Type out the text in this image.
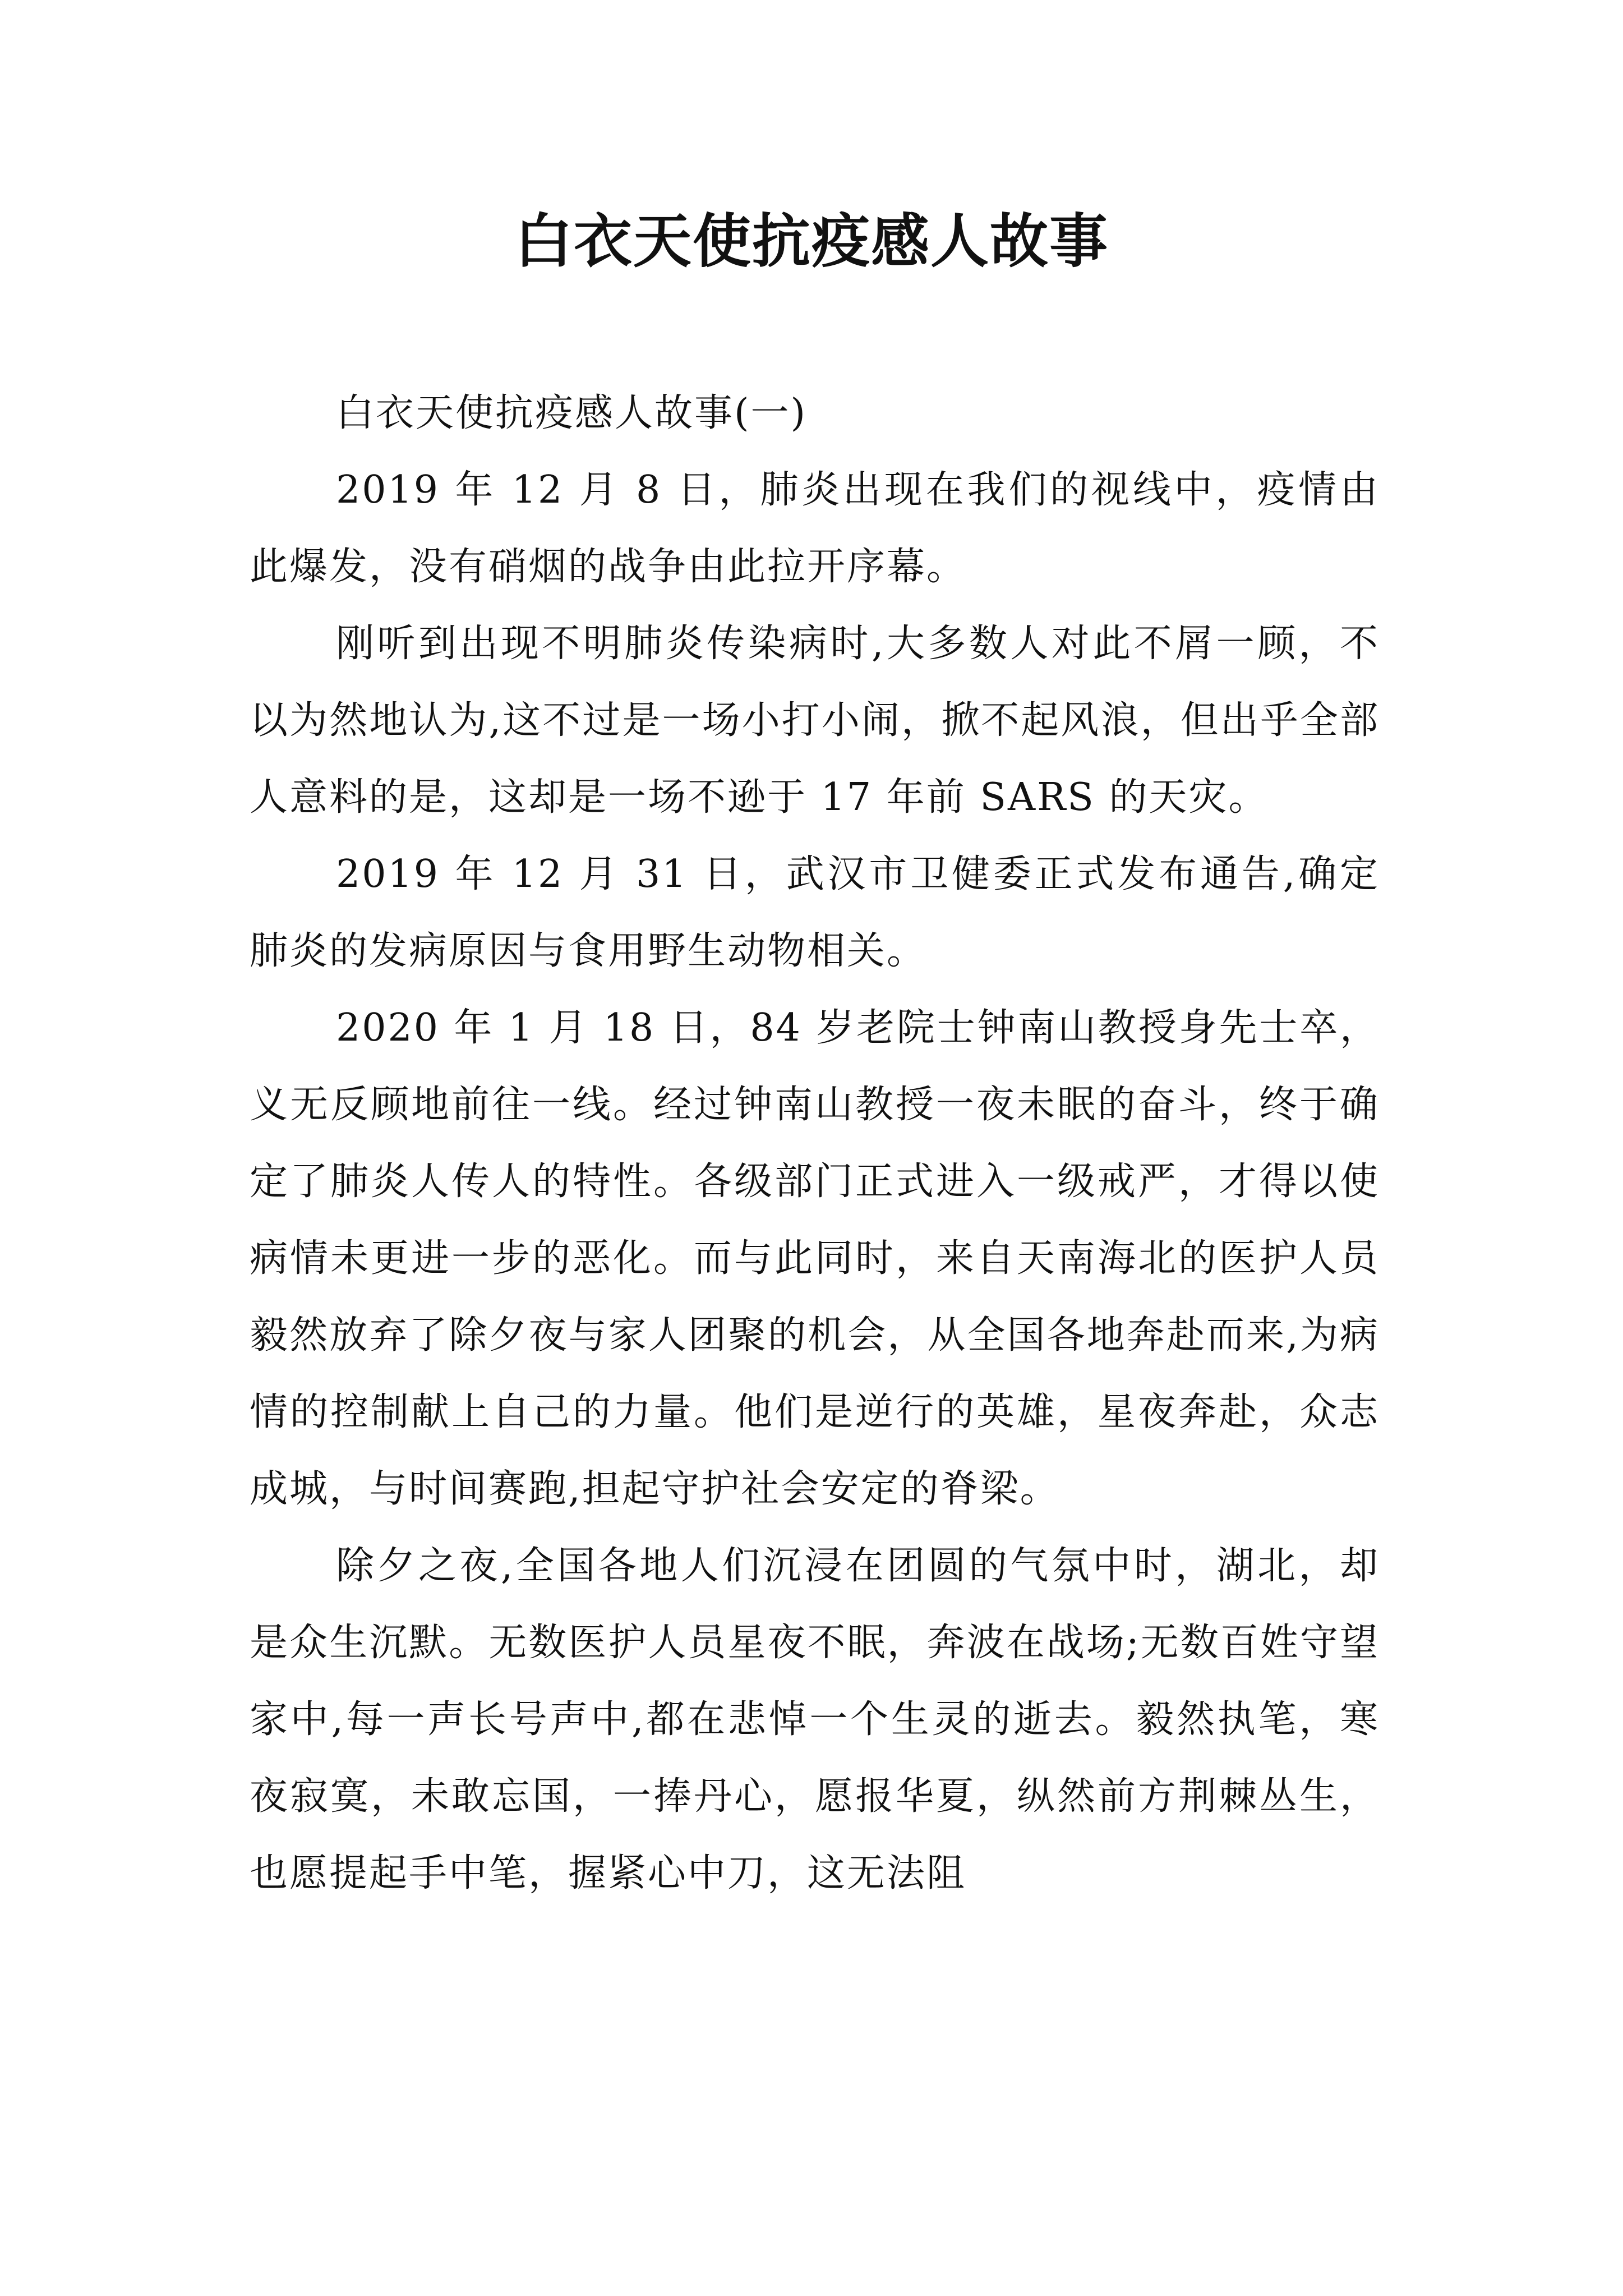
白衣天使抗疫感人故事

白衣天使抗疫感人故事(一)

2019 年 12 月 8 日，肺炎出现在我们的视线中，疫情由此爆发，没有硝烟的战争由此拉开序幕。

刚听到出现不明肺炎传染病时,大多数人对此不屑一顾，不以为然地认为,这不过是一场小打小闹，掀不起风浪，但出乎全部人意料的是，这却是一场不逊于 17 年前 SARS 的天灾。

2019 年 12 月 31 日，武汉市卫健委正式发布通告,确定肺炎的发病原因与食用野生动物相关。

2020 年 1 月 18 日，84 岁老院士钟南山教授身先士卒，义无反顾地前往一线。经过钟南山教授一夜未眠的奋斗，终于确定了肺炎人传人的特性。各级部门正式进入一级戒严，才得以使病情未更进一步的恶化。而与此同时，来自天南海北的医护人员毅然放弃了除夕夜与家人团聚的机会，从全国各地奔赴而来,为病情的控制献上自己的力量。他们是逆行的英雄，星夜奔赴，众志成城，与时间赛跑,担起守护社会安定的脊梁。

除夕之夜,全国各地人们沉浸在团圆的气氛中时，湖北，却是众生沉默。无数医护人员星夜不眠，奔波在战场;无数百姓守望家中,每一声长号声中,都在悲悼一个生灵的逝去。毅然执笔，寒夜寂寞，未敢忘国，一捧丹心，愿报华夏，纵然前方荆棘丛生，也愿提起手中笔，握紧心中刀，这无法阻
